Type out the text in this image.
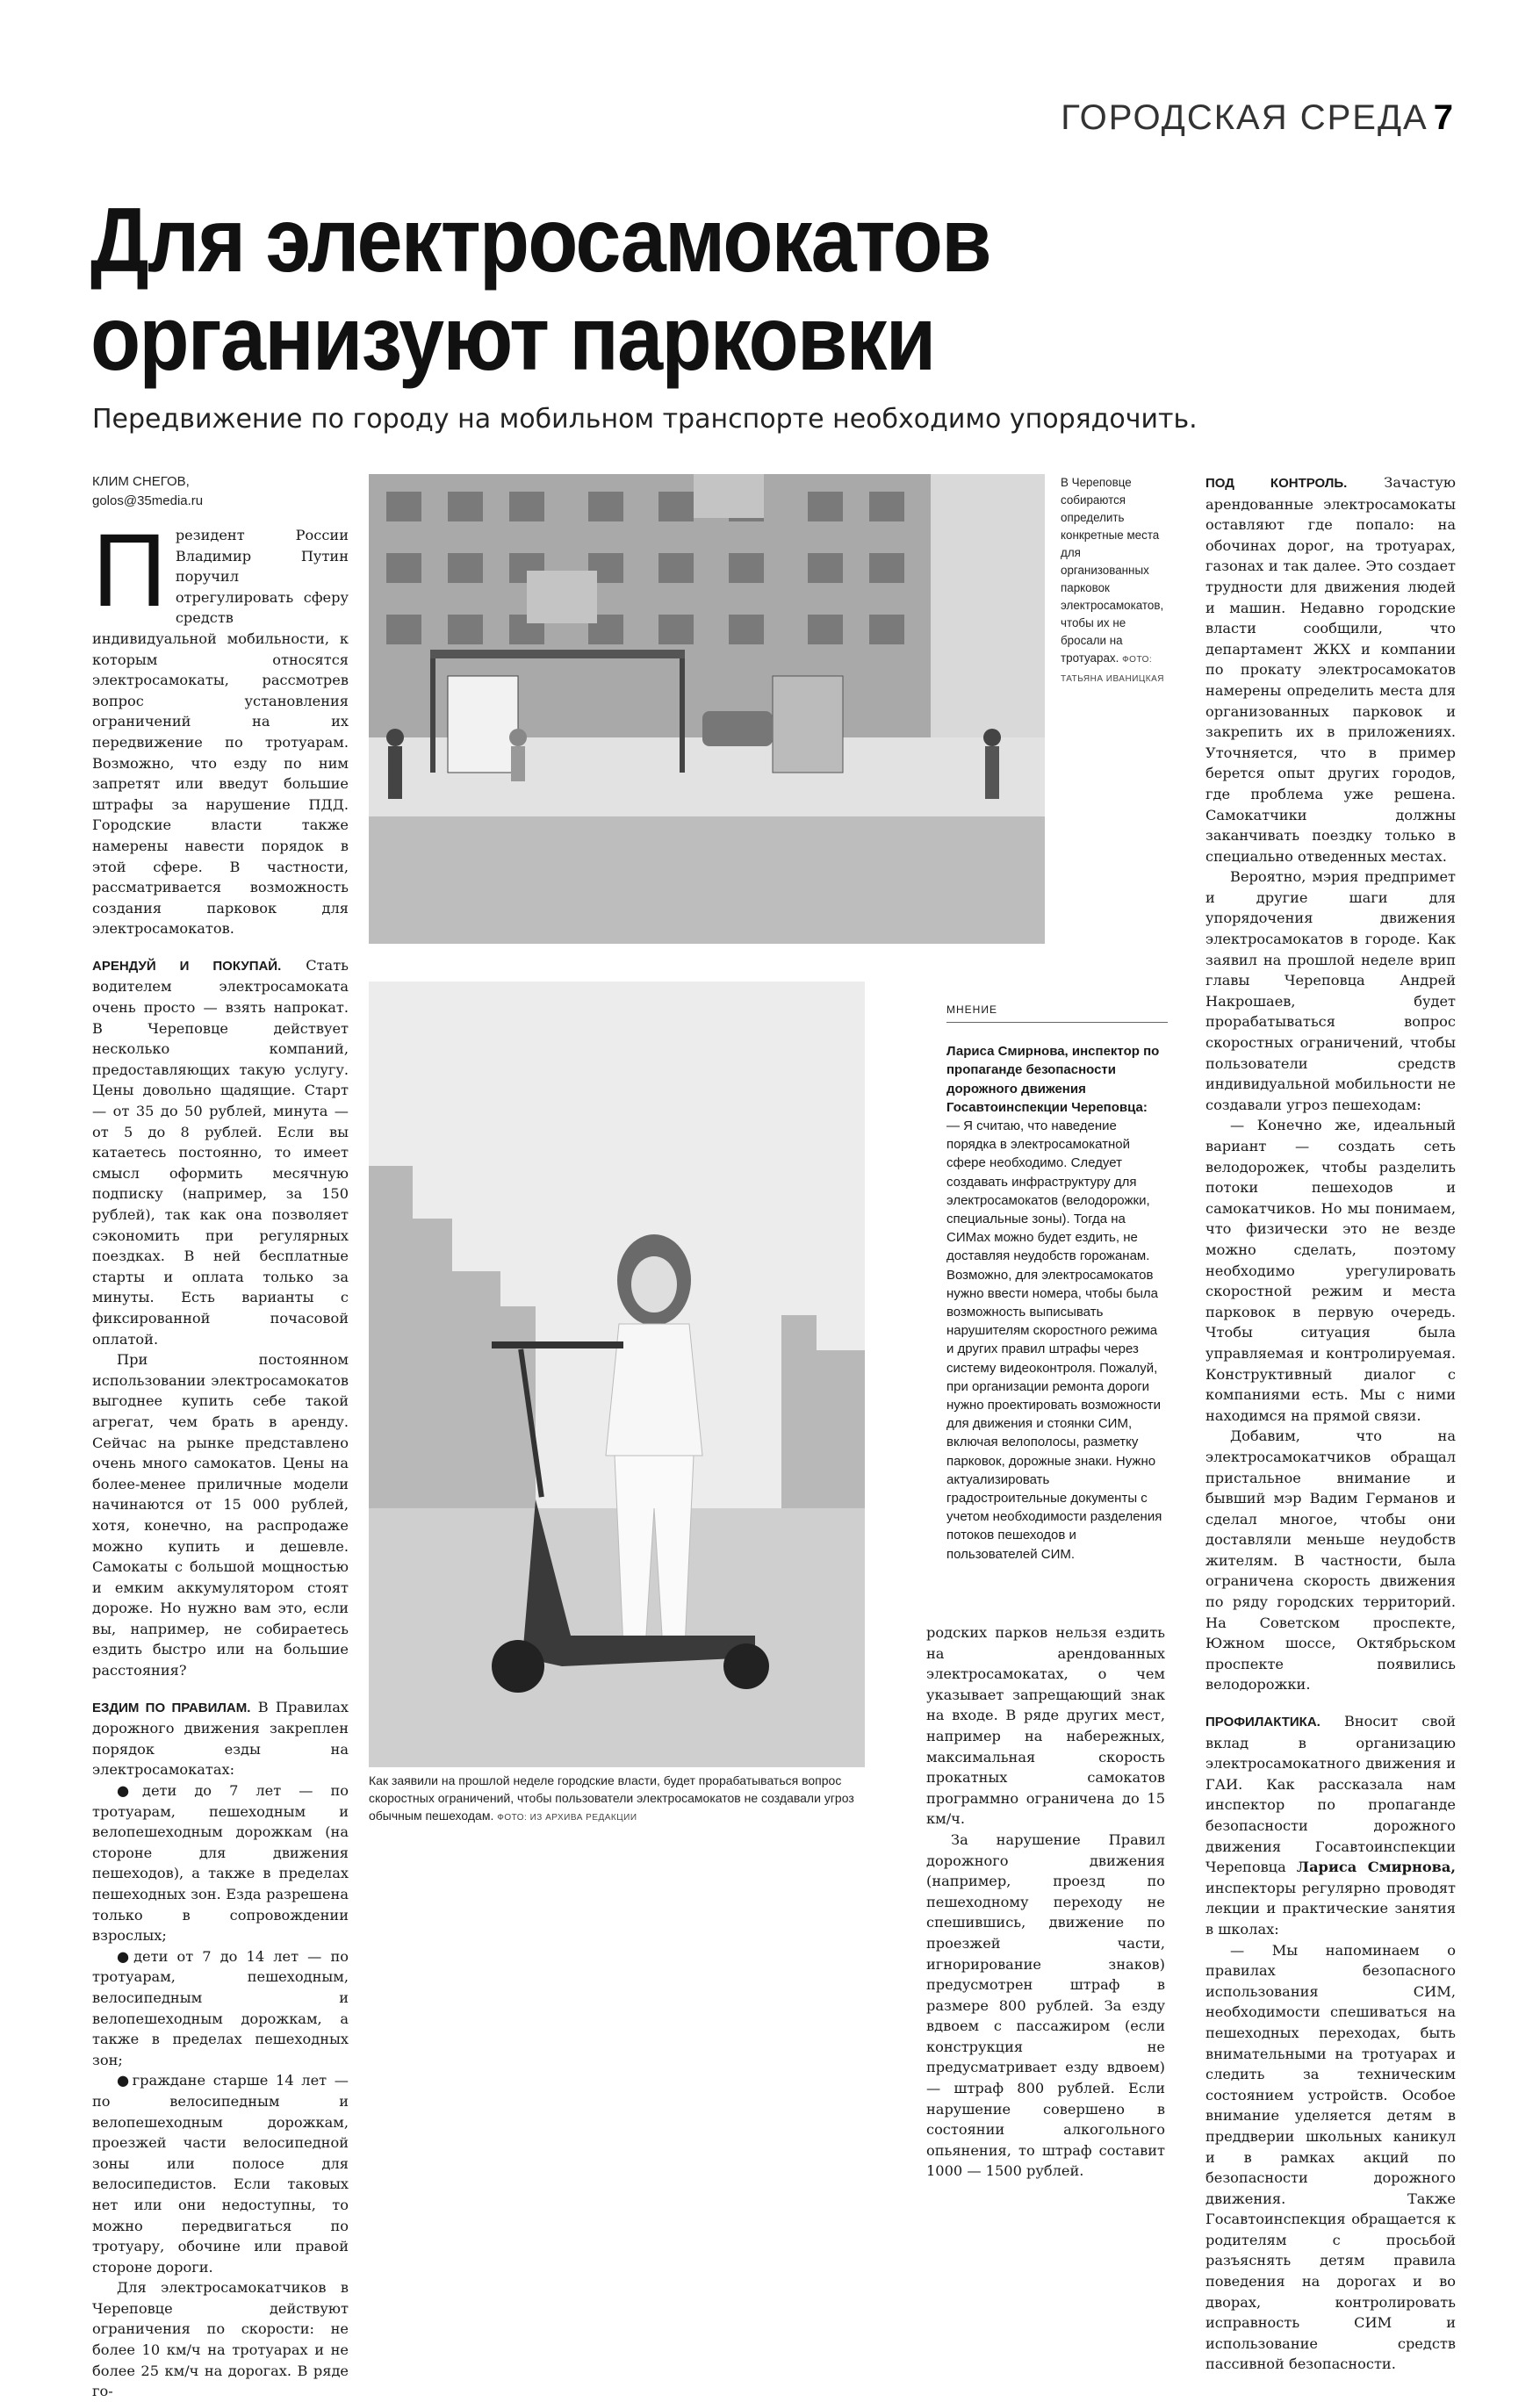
ГОРОДСКАЯ СРЕДА 7
Для электросамокатов
организуют парковки

Передвижение по городу на мобильном транспорте необходимо упорядочить.

КЛИМ СНЕГОВ,
golos@35media.ru

Президент России Владимир Путин поручил отрегулировать сферу средств индивидуальной мобильности, к которым относятся электросамокаты, рассмотрев вопрос установления ограничений на их передвижение по тротуарам. Возможно, что езду по ним запретят или введут большие штрафы за нарушение ПДД. Городские власти также намерены навести порядок в этой сфере. В частности, рассматривается возможность создания парковок для электросамокатов.

АРЕНДУЙ И ПОКУПАЙ. Стать водителем электросамоката очень просто — взять напрокат. В Череповце действует несколько компаний, предоставляющих такую услугу. Цены довольно щадящие. Старт — от 35 до 50 рублей, минута — от 5 до 8 рублей. Если вы катаетесь постоянно, то имеет смысл оформить месячную подписку (например, за 150 рублей), так как она позволяет сэкономить при регулярных поездках. В ней бесплатные старты и оплата только за минуты. Есть варианты с фиксированной почасовой оплатой.

При постоянном использовании электросамокатов выгоднее купить себе такой агрегат, чем брать в аренду. Сейчас на рынке представлено очень много самокатов. Цены на более-менее приличные модели начинаются от 15 000 рублей, хотя, конечно, на распродаже можно купить и дешевле. Самокаты с большой мощностью и емким аккумулятором стоят дороже. Но нужно вам это, если вы, например, не собираетесь ездить быстро или на большие расстояния?

ЕЗДИМ ПО ПРАВИЛАМ. В Правилах дорожного движения закреплен порядок езды на электросамокатах:

●дети до 7 лет — по тротуарам, пешеходным и велопешеходным дорожкам (на стороне для движения пешеходов), а также в пределах пешеходных зон. Езда разрешена только в сопровождении взрослых;

●дети от 7 до 14 лет — по тротуарам, пешеходным, велосипедным и велопешеходным дорожкам, а также в пределах пешеходных зон;

●граждане старше 14 лет — по велосипедным и велопешеходным дорожкам, проезжей части велосипедной зоны или полосе для велосипедистов. Если таковых нет или они недоступны, то можно передвигаться по тротуару, обочине или правой стороне дороги.

Для электросамокатчиков в Череповце действуют ограничения по скорости: не более 10 км/ч на тротуарах и не более 25 км/ч на дорогах. В ряде го-

В Череповце собираются определить конкретные места для организованных парковок электросамокатов, чтобы их не бросали на тротуарах. ФОТО: ТАТЬЯНА ИВАНИЦКАЯ
Как заявили на прошлой неделе городские власти, будет прорабатываться вопрос скоростных ограничений, чтобы пользователи электросамокатов не создавали угроз обычным пешеходам. ФОТО: ИЗ АРХИВА РЕДАКЦИИ
МНЕНИЕ

Лариса Смирнова, инспектор по пропаганде безопасности дорожного движения Госавтоинспекции Череповца:

— Я считаю, что наведение порядка в электросамокатной сфере необходимо. Следует создавать инфраструктуру для электросамокатов (велодорожки, специальные зоны). Тогда на СИМах можно будет ездить, не доставляя неудобств горожанам. Возможно, для электросамокатов нужно ввести номера, чтобы была возможность выписывать нарушителям скоростного режима и других правил штрафы через систему видеоконтроля. Пожалуй, при организации ремонта дороги нужно проектировать возможности для движения и стоянки СИМ, включая велополосы, разметку парковок, дорожные знаки. Нужно актуализировать градостроительные документы с учетом необходимости разделения потоков пешеходов и пользователей СИМ.

родских парков нельзя ездить на арендованных электросамокатах, о чем указывает запрещающий знак на входе. В ряде других мест, например на набережных, максимальная скорость прокатных самокатов программно ограничена до 15 км/ч.

За нарушение Правил дорожного движения (например, проезд по пешеходному переходу не спешившись, движение по проезжей части, игнорирование знаков) предусмотрен штраф в размере 800 рублей. За езду вдвоем с пассажиром (если конструкция не предусматривает езду вдвоем) — штраф 800 рублей. Если нарушение совершено в состоянии алкогольного опьянения, то штраф составит 1000 — 1500 рублей.

ПОД КОНТРОЛЬ.	Зачастую арендованные электросамокаты оставляют где попало: на обочинах дорог, на тротуарах, газонах и так далее. Это создает трудности для движения людей и машин. Недавно городские власти сообщили, что департамент ЖКХ и компании по прокату электросамокатов намерены определить места для организованных парковок и закрепить их в приложениях. Уточняется, что в пример берется опыт других городов, где проблема уже решена. Самокатчики должны заканчивать поездку только в специально отведенных местах.

Вероятно, мэрия предпримет и другие шаги для упорядочения движения электросамокатов в городе. Как заявил на прошлой неделе врип главы Череповца Андрей Накрошаев, будет прорабатываться вопрос скоростных ограничений, чтобы пользователи средств индивидуальной мобильности не создавали угроз пешеходам:

— Конечно же, идеальный вариант — создать сеть велодорожек, чтобы разделить потоки пешеходов и самокатчиков. Но мы понимаем, что физически это не везде можно сделать, поэтому необходимо урегулировать скоростной режим и места парковок в первую очередь. Чтобы ситуация была управляемая и контролируемая. Конструктивный диалог с компаниями есть. Мы с ними находимся на прямой связи.

Добавим, что на электросамокатчиков обращал пристальное внимание и бывший мэр Вадим Германов и сделал многое, чтобы они доставляли меньше неудобств жителям. В частности, была ограничена скорость движения по ряду городских территорий. На Советском проспекте, Южном шоссе, Октябрьском проспекте появились велодорожки.

ПРОФИЛАКТИКА. Вносит свой вклад в организацию электросамокатного движения и ГАИ. Как рассказала нам инспектор по пропаганде безопасности дорожного движения Госавтоинспекции Череповца Лариса Смирнова, инспекторы регулярно проводят лекции и практические занятия в школах:

— Мы напоминаем о правилах безопасного использования СИМ, необходимости спешиваться на пешеходных переходах, быть внимательными на тротуарах и следить за техническим состоянием устройств. Особое внимание уделяется детям в преддверии школьных каникул и в рамках акций по безопасности дорожного движения. Также Госавтоинспекция обращается к родителям с просьбой разъяснять детям правила поведения на дорогах и во дворах, контролировать исправность СИМ и использование средств пассивной безопасности.
